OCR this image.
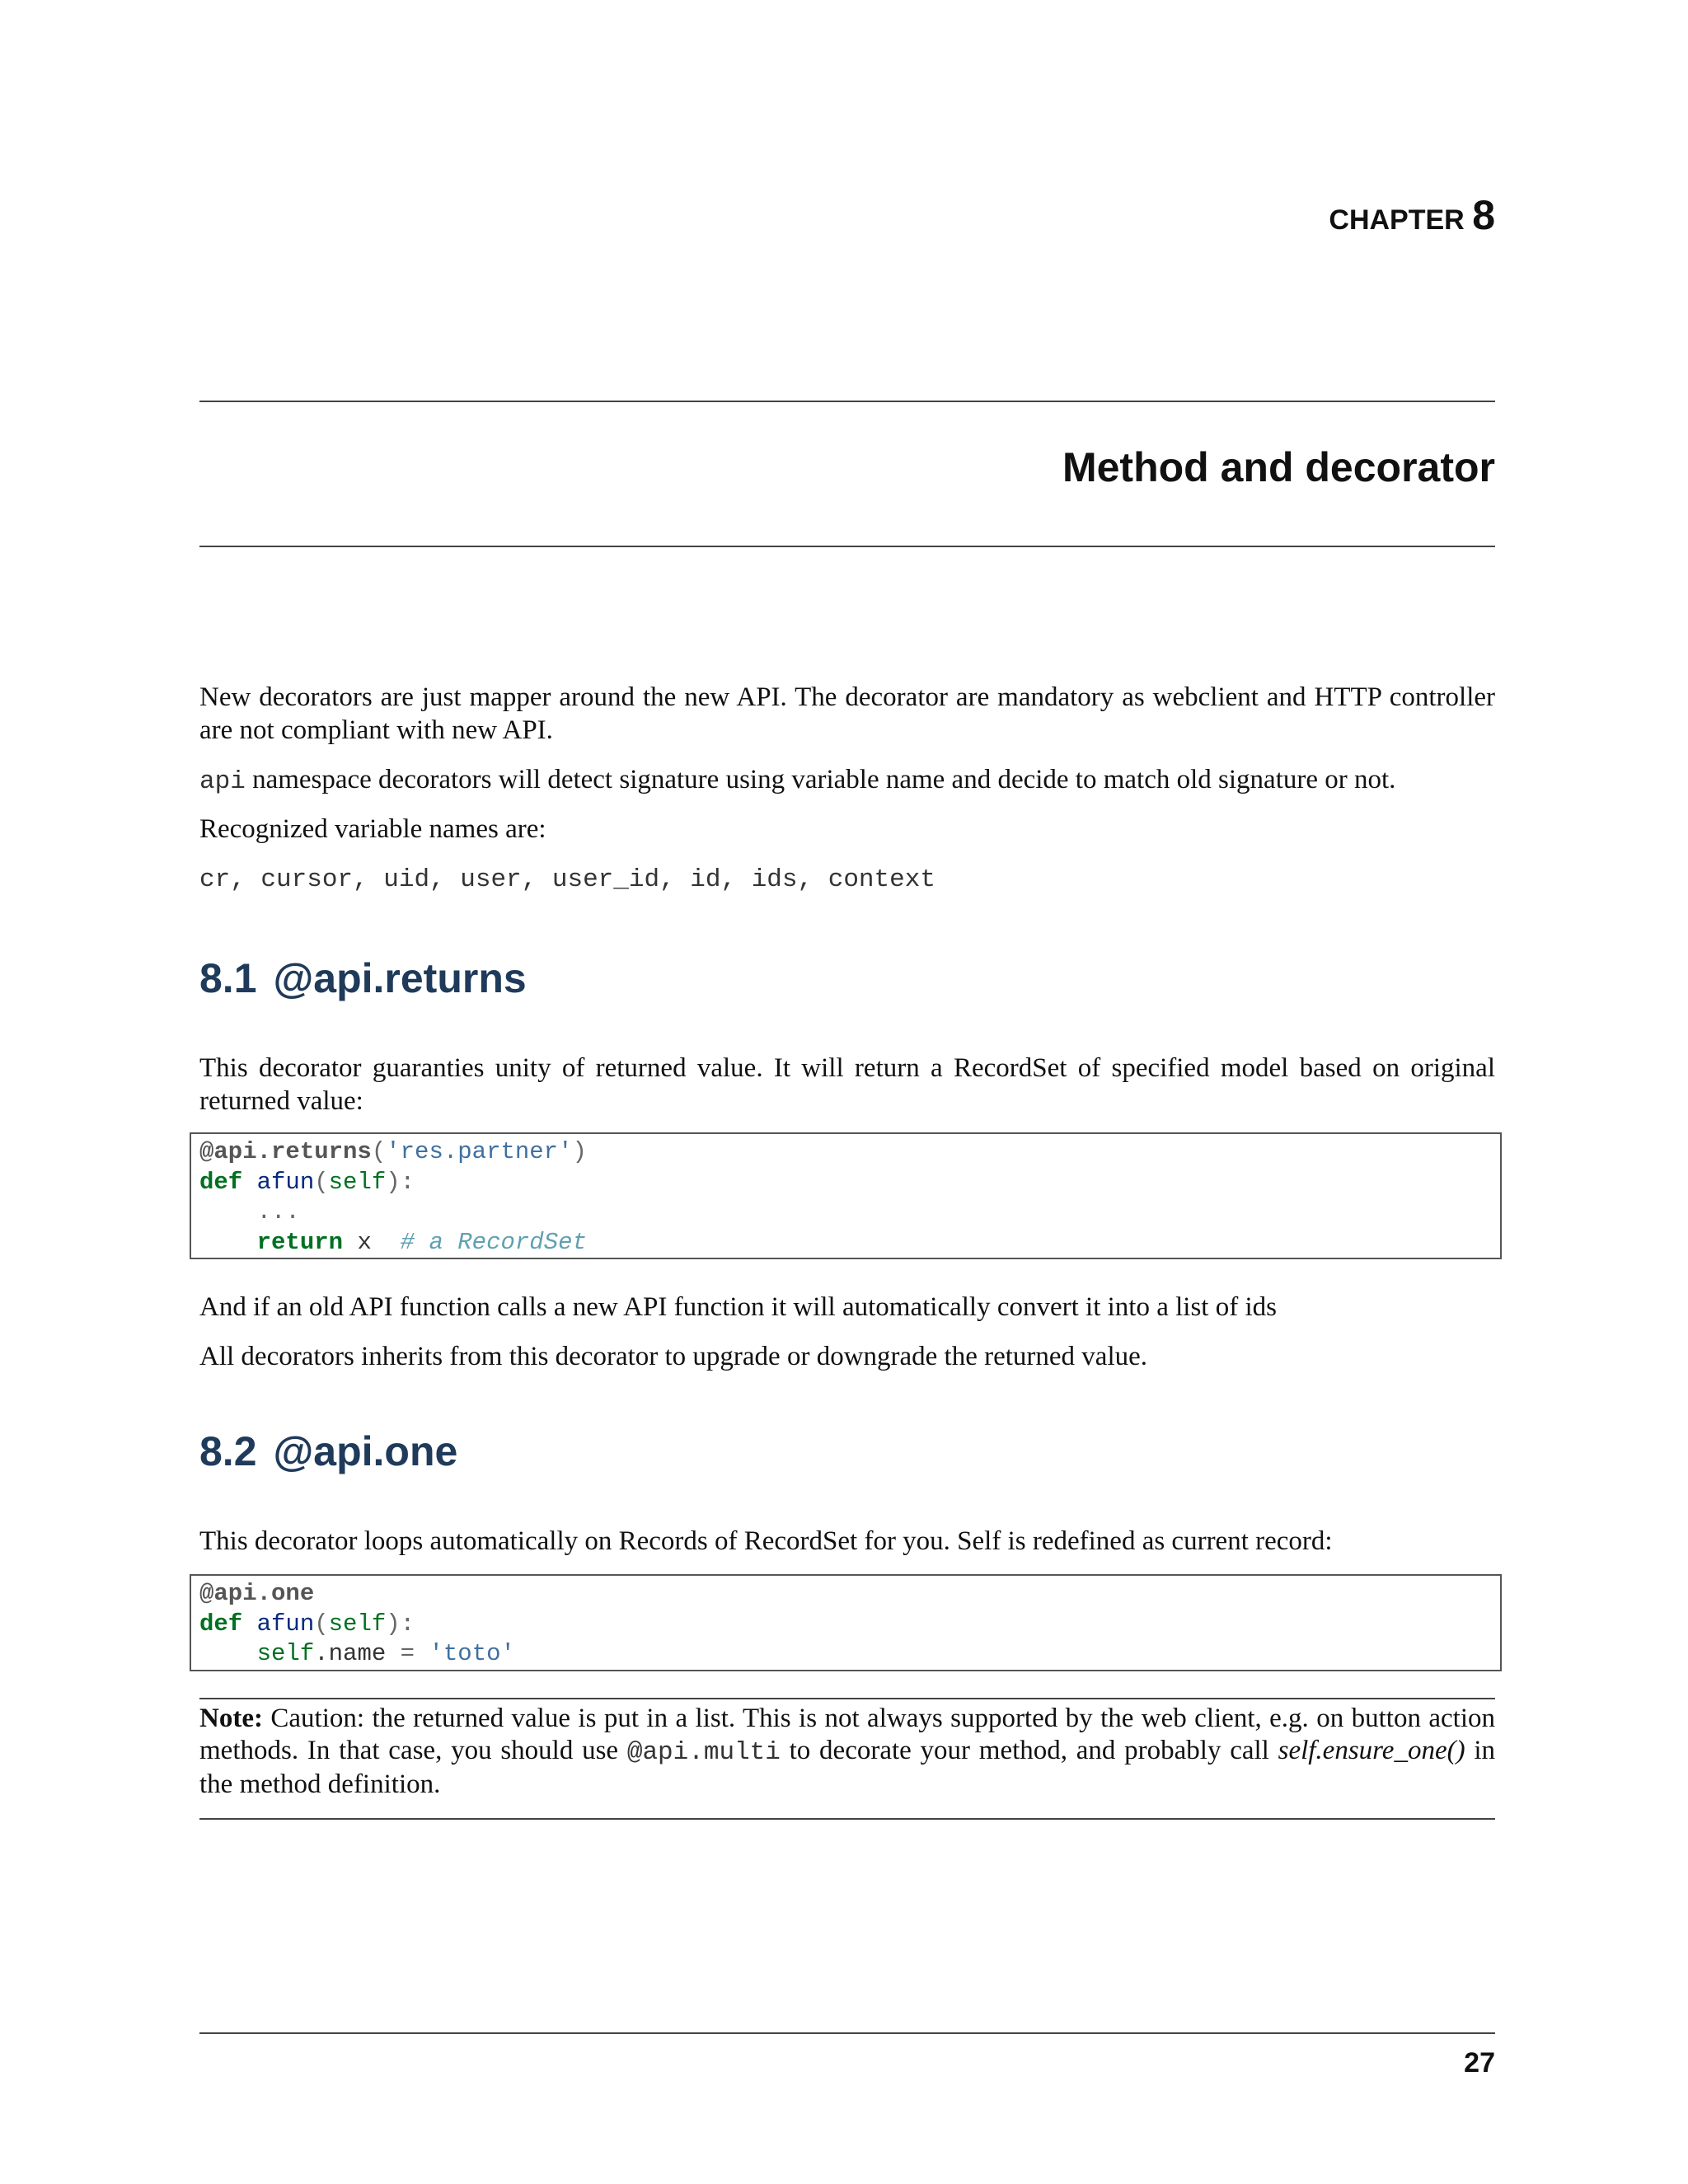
CHAPTER 8
Method and decorator

New decorators are just mapper around the new API. The decorator are mandatory as webclient and HTTP controller are not compliant with new API.

api namespace decorators will detect signature using variable name and decide to match old signature or not.

Recognized variable names are:

cr, cursor, uid, user, user_id, id, ids, context
8.1 @api.returns

This decorator guaranties unity of returned value. It will return a RecordSet of specified model based on original returned value:

@api.returns('res.partner')
def afun(self):
...
return x  # a RecordSet

And if an old API function calls a new API function it will automatically convert it into a list of ids

All decorators inherits from this decorator to upgrade or downgrade the returned value.

8.2 @api.one

This decorator loops automatically on Records of RecordSet for you. Self is redefined as current record:

@api.one
def afun(self):
self.name = 'toto'

Note: Caution: the returned value is put in a list. This is not always supported by the web client, e.g. on button action methods. In that case, you should use @api.multi to decorate your method, and probably call self.ensure_one() in the method definition.

27
